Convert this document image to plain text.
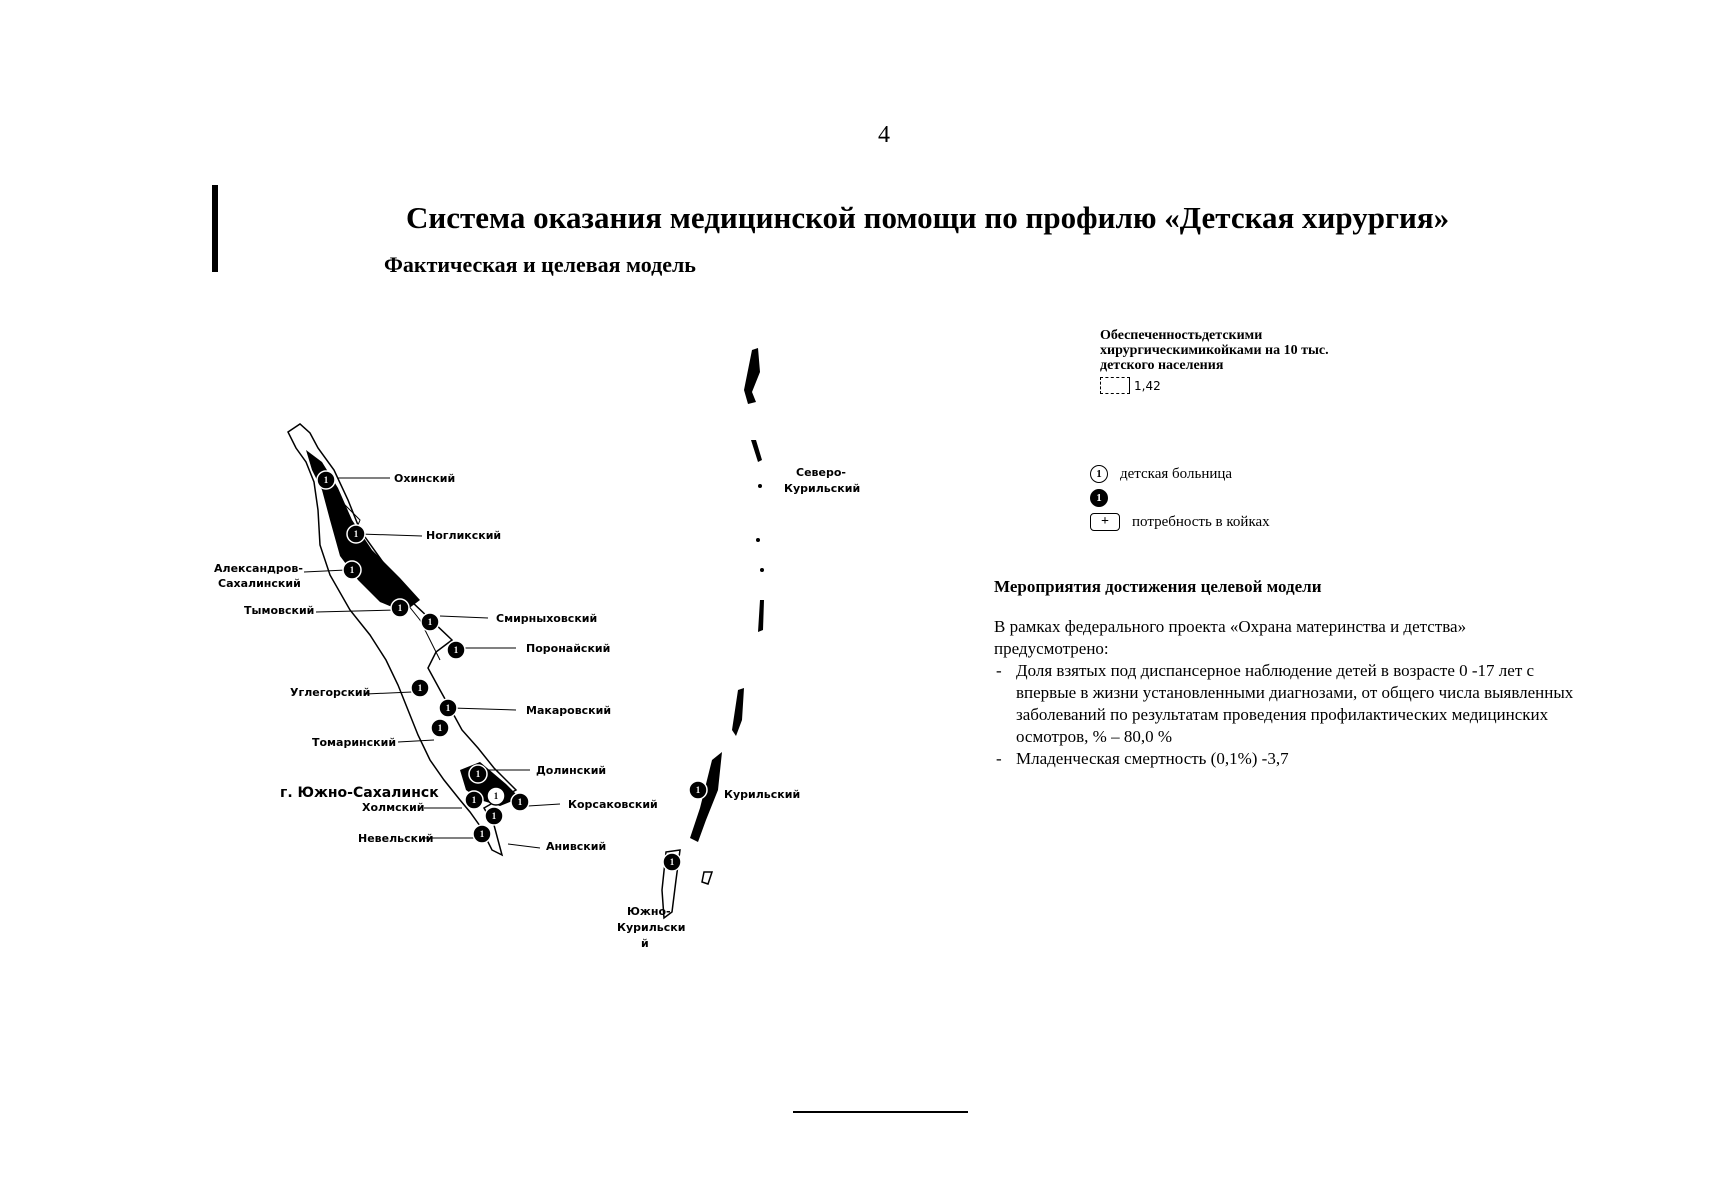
4
Система оказания медицинской помощи по профилю «Детская хирургия»
Фактическая и целевая модель
Охинский
Ногликский
Александров-
Сахалинский
Тымовский
Смирныховский
Поронайский
Углегорский
Макаровский
Томаринский
Долинский
г. Южно-Сахалинск
Холмский	Корсаковский
Невельский
Анивский
Северо-
Курильский
Курильский
Южно-
Курильски
й
1
1
1
1
1
1
1
1
1
1
1
1	1
1
1
1
1
Обеспеченностьдетскими
хирургическимикойками на 10 тыс.
детского населения
1,42
1	детская больница
1
+	потребность в койках
Мероприятия достижения целевой модели
В рамках федерального проекта «Охрана материнства и детства»
предусмотрено:
- Доля взятых под диспансерное наблюдение детей в возрасте 0 -17 лет с
впервые в жизни установленными диагнозами, от общего числа выявленных
заболеваний по результатам проведения профилактических медицинских
осмотров, % – 80,0 %
- Младенческая смертность (0,1%) -3,7
